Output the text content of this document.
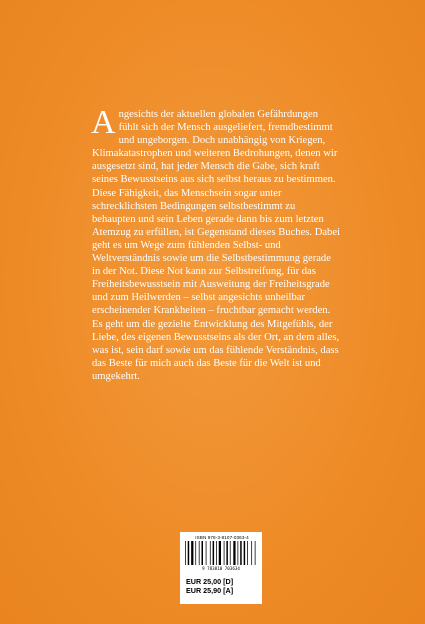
Angesichts der aktuellen globalen Gefährdungen fühlt sich der Mensch ausgeliefert, fremdbestimmt und ungeborgen. Doch unabhängig von Kriegen, Klimakatastrophen und weiteren Bedrohungen, denen wir ausgesetzt sind, hat jeder Mensch die Gabe, sich kraft seines Bewusstseins aus sich selbst heraus zu bestimmen. Diese Fähigkeit, das Menschsein sogar unter schrecklichsten Bedingungen selbstbestimmt zu behaupten und sein Leben gerade dann bis zum letzten Atemzug zu erfüllen, ist Gegenstand dieses Buches. Dabei geht es um Wege zum fühlenden Selbst- und Weltverständnis sowie um die Selbstbestimmung gerade in der Not. Diese Not kann zur Selbstreifung, für das Freiheitsbewusstsein mit Ausweitung der Freiheitsgrade und zum Heilwerden – selbst angesichts unheilbar erscheinender Krankheiten – fruchtbar gemacht werden. Es geht um die gezielte Entwicklung des Mitgefühls, der Liebe, des eigenen Bewusstseins als der Ort, an dem alles, was ist, sein darf sowie um das fühlende Verständnis, dass das Beste für mich auch das Beste für die Welt ist und umgekehrt.
ISBN 978-3-8107-0363-4
9 783810 703634
EUR 25,00 [D]
EUR 25,90 [A]
